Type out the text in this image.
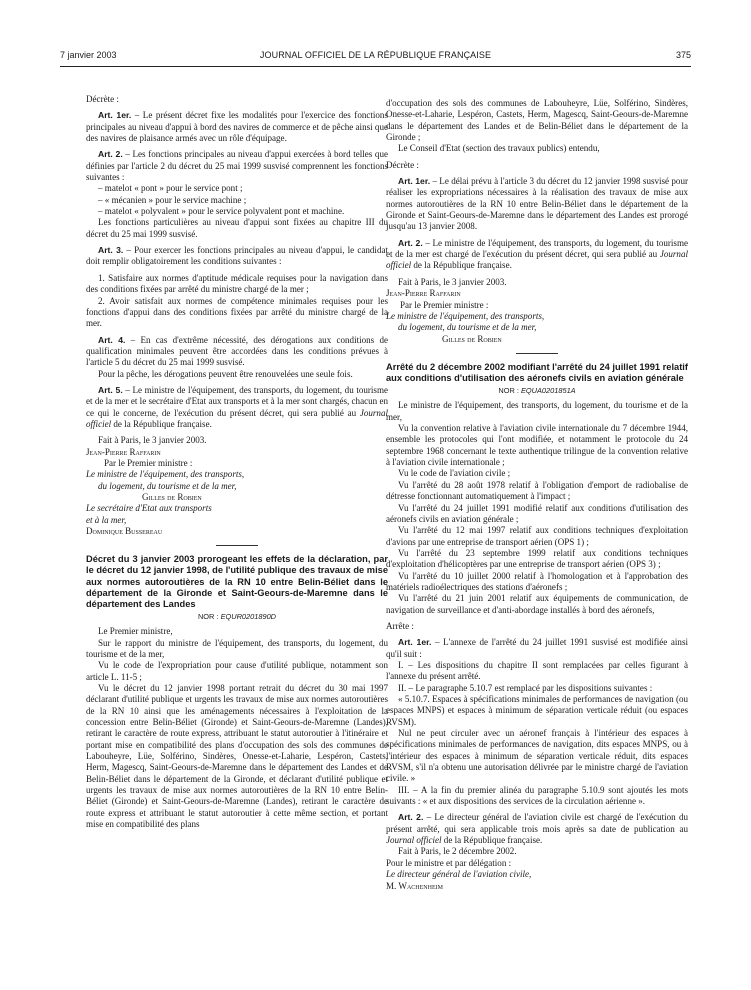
7 janvier 2003	JOURNAL OFFICIEL DE LA RÉPUBLIQUE FRANÇAISE	375

Décrète :

Art. 1er. – Le présent décret fixe les modalités pour l'exercice des fonctions principales au niveau d'appui à bord des navires de commerce et de pêche ainsi que des navires de plaisance armés avec un rôle d'équipage.

Art. 2. – Les fonctions principales au niveau d'appui exercées à bord telles que définies par l'article 2 du décret du 25 mai 1999 susvisé comprennent les fonctions suivantes :

– matelot « pont » pour le service pont ;
– « mécanien » pour le service machine ;
– matelot « polyvalent » pour le service polyvalent pont et machine.

Les fonctions particulières au niveau d'appui sont fixées au chapitre III du décret du 25 mai 1999 susvisé.

Art. 3. – Pour exercer les fonctions principales au niveau d'appui, le candidat doit remplir obligatoirement les conditions suivantes :

1. Satisfaire aux normes d'aptitude médicale requises pour la navigation dans des conditions fixées par arrêté du ministre chargé de la mer ;

2. Avoir satisfait aux normes de compétence minimales requises pour les fonctions d'appui dans des conditions fixées par arrêté du ministre chargé de la mer.

Art. 4. – En cas d'extrême nécessité, des dérogations aux conditions de qualification minimales peuvent être accordées dans les conditions prévues à l'article 5 du décret du 25 mai 1999 susvisé.

Pour la pêche, les dérogations peuvent être renouvelées une seule fois.

Art. 5. – Le ministre de l'équipement, des transports, du logement, du tourisme et de la mer et le secrétaire d'Etat aux transports et à la mer sont chargés, chacun en ce qui le concerne, de l'exécution du présent décret, qui sera publié au Journal officiel de la République française.

Fait à Paris, le 3 janvier 2003.

Jean-Pierre Raffarin

Par le Premier ministre :

Le ministre de l'équipement, des transports,

du logement, du tourisme et de la mer,

Gilles de Robien

Le secrétaire d'Etat aux transports

et à la mer,

Dominique Bussereau

Décret du 3 janvier 2003 prorogeant les effets de la déclaration, par le décret du 12 janvier 1998, de l'utilité publique des travaux de mise aux normes autoroutières de la RN 10 entre Belin-Béliet dans le département de la Gironde et Saint-Geours-de-Maremne dans le département des Landes

NOR : EQUR0201890D

Le Premier ministre,

Sur le rapport du ministre de l'équipement, des transports, du logement, du tourisme et de la mer,

Vu le code de l'expropriation pour cause d'utilité publique, notamment son article L. 11-5 ;

Vu le décret du 12 janvier 1998 portant retrait du décret du 30 mai 1997 déclarant d'utilité publique et urgents les travaux de mise aux normes autoroutières de la RN 10 ainsi que les aménagements nécessaires à l'exploitation de la concession entre Belin-Béliet (Gironde) et Saint-Geours-de-Maremne (Landes), retirant le caractère de route express, attribuant le statut autoroutier à l'itinéraire et portant mise en compatibilité des plans d'occupation des sols des communes de Labouheyre, Lüe, Solférino, Sindères, Onesse-et-Laharie, Lespéron, Castets, Herm, Magescq, Saint-Geours-de-Maremne dans le département des Landes et de Belin-Béliet dans le département de la Gironde, et déclarant d'utilité publique et urgents les travaux de mise aux normes autoroutières de la RN 10 entre Belin-Béliet (Gironde) et Saint-Geours-de-Maremne (Landes), retirant le caractère de route express et attribuant le statut autoroutier à cette même section, et portant mise en compatibilité des plans

d'occupation des sols des communes de Labouheyre, Lüe, Solférino, Sindères, Onesse-et-Laharie, Lespéron, Castets, Herm, Magescq, Saint-Geours-de-Maremne dans le département des Landes et de Belin-Béliet dans le département de la Gironde ;

Le Conseil d'Etat (section des travaux publics) entendu,

Décrète :

Art. 1er. – Le délai prévu à l'article 3 du décret du 12 janvier 1998 susvisé pour réaliser les expropriations nécessaires à la réalisation des travaux de mise aux normes autoroutières de la RN 10 entre Belin-Béliet dans le département de la Gironde et Saint-Geours-de-Maremne dans le département des Landes est prorogé jusqu'au 13 janvier 2008.

Art. 2. – Le ministre de l'équipement, des transports, du logement, du tourisme et de la mer est chargé de l'exécution du présent décret, qui sera publié au Journal officiel de la République française.

Fait à Paris, le 3 janvier 2003.

Jean-Pierre Raffarin

Par le Premier ministre :

Le ministre de l'équipement, des transports,

du logement, du tourisme et de la mer,

Gilles de Robien

Arrêté du 2 décembre 2002 modifiant l'arrêté du 24 juillet 1991 relatif aux conditions d'utilisation des aéronefs civils en aviation générale

NOR : EQUA0201851A

Le ministre de l'équipement, des transports, du logement, du tourisme et de la mer,

Vu la convention relative à l'aviation civile internationale du 7 décembre 1944, ensemble les protocoles qui l'ont modifiée, et notamment le protocole du 24 septembre 1968 concernant le texte authentique trilingue de la convention relative à l'aviation civile internationale ;

Vu le code de l'aviation civile ;

Vu l'arrêté du 28 août 1978 relatif à l'obligation d'emport de radiobalise de détresse fonctionnant automatiquement à l'impact ;

Vu l'arrêté du 24 juillet 1991 modifié relatif aux conditions d'utilisation des aéronefs civils en aviation générale ;

Vu l'arrêté du 12 mai 1997 relatif aux conditions techniques d'exploitation d'avions par une entreprise de transport aérien (OPS 1) ;

Vu l'arrêté du 23 septembre 1999 relatif aux conditions techniques d'exploitation d'hélicoptères par une entreprise de transport aérien (OPS 3) ;

Vu l'arrêté du 10 juillet 2000 relatif à l'homologation et à l'approbation des matériels radioélectriques des stations d'aéronefs ;

Vu l'arrêté du 21 juin 2001 relatif aux équipements de communication, de navigation de surveillance et d'anti-abordage installés à bord des aéronefs,

Arrête :

Art. 1er. – L'annexe de l'arrêté du 24 juillet 1991 susvisé est modifiée ainsi qu'il suit :

I. – Les dispositions du chapitre II sont remplacées par celles figurant à l'annexe du présent arrêté.

II. – Le paragraphe 5.10.7 est remplacé par les dispositions suivantes :

« 5.10.7. Espaces à spécifications minimales de performances de navigation (ou espaces MNPS) et espaces à minimum de séparation verticale réduit (ou espaces RVSM).

Nul ne peut circuler avec un aéronef français à l'intérieur des espaces à spécifications minimales de performances de navigation, dits espaces MNPS, ou à l'intérieur des espaces à minimum de séparation verticale réduit, dits espaces RVSM, s'il n'a obtenu une autorisation délivrée par le ministre chargé de l'aviation civile. »

III. – A la fin du premier alinéa du paragraphe 5.10.9 sont ajoutés les mots suivants : « et aux dispositions des services de la circulation aérienne ».

Art. 2. – Le directeur général de l'aviation civile est chargé de l'exécution du présent arrêté, qui sera applicable trois mois après sa date de publication au Journal officiel de la République française.

Fait à Paris, le 2 décembre 2002.

Pour le ministre et par délégation :

Le directeur général de l'aviation civile,

M. Wachenheim
